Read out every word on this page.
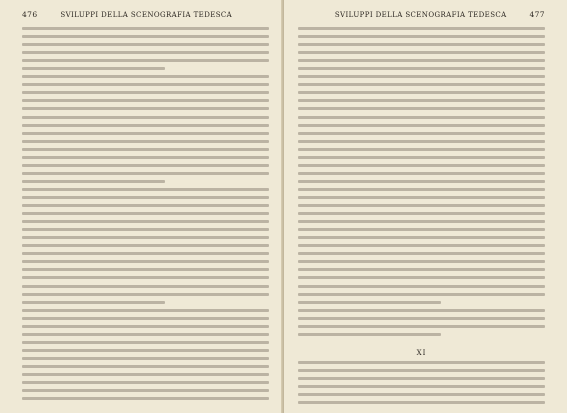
476	SVILUPPI DELLA SCENOGRAFIA TEDESCA	SVILUPPI DELLA SCENOGRAFIA TEDESCA	477
XI
